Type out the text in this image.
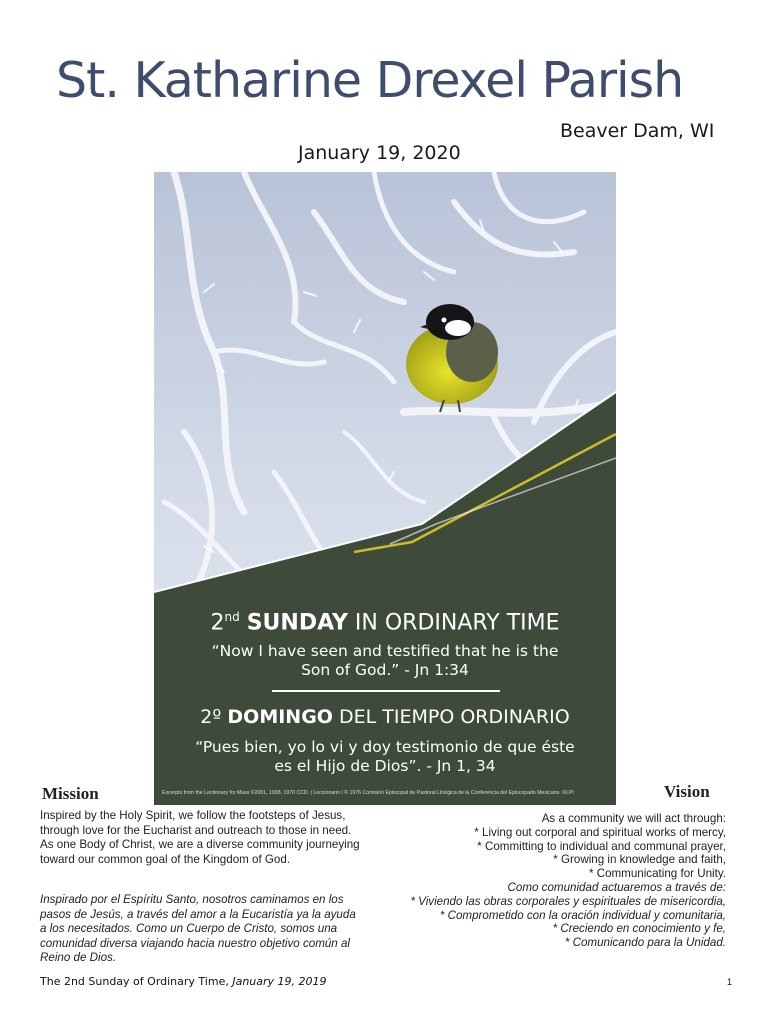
St. Katharine Drexel Parish
Beaver Dam, WI
January 19, 2020
2nd SUNDAY IN ORDINARY TIME
“Now I have seen and testified that he is the
Son of God.” - Jn 1:34
2º DOMINGO DEL TIEMPO ORDINARIO
“Pues bien, yo lo vi y doy testimonio de que éste
es el Hijo de Dios”. - Jn 1, 34
Excerpts from the Lectionary for Mass ©2001, 1998, 1970 CCD. | Leccionario I © 1976 Comisión Episcopal de Pastoral Litúrgica de la Conferencia del Episcopado Mexicano. ©LPi
Mission	Vision
Inspired by the Holy Spirit, we follow the footsteps of Jesus,
through love for the Eucharist and outreach to those in need.
As one Body of Christ, we are a diverse community journeying
toward our common goal of the Kingdom of God.
Inspirado por el Espíritu Santo, nosotros caminamos en los
pasos de Jesús, a través del amor a la Eucaristía ya la ayuda
a los necesitados. Como un Cuerpo de Cristo, somos una
comunidad diversa viajando hacia nuestro objetivo común al
Reino de Dios.
As a community we will act through:
* Living out corporal and spiritual works of mercy,
* Committing to individual and communal prayer,
* Growing in knowledge and faith,
* Communicating for Unity.
Como comunidad actuaremos a través de:
* Viviendo las obras corporales y espirituales de misericordia,
* Comprometido con la oración individual y comunitaria,
* Creciendo en conocimiento y fe,
* Comunicando para la Unidad.
The 2nd Sunday of Ordinary Time, January 19, 2019	1
